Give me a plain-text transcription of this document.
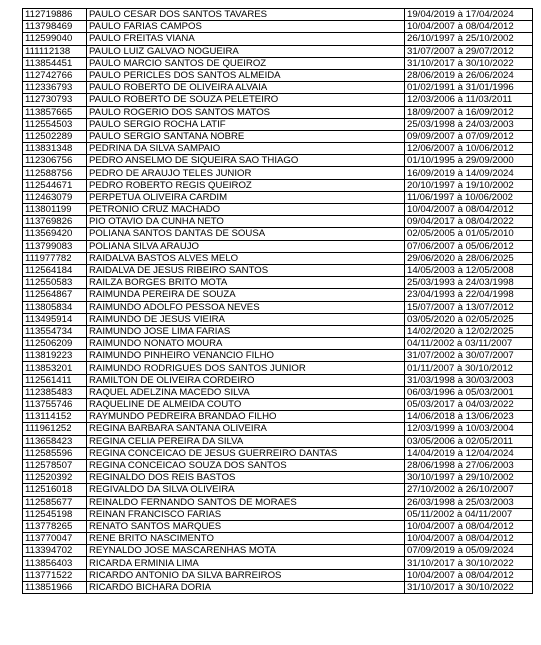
112719886	PAULO CESAR DOS SANTOS TAVARES	19/04/2019 à 17/04/2024
113798469	PAULO FARIAS CAMPOS	10/04/2007 à 08/04/2012
112599040	PAULO FREITAS VIANA	26/10/1997 à 25/10/2002
111112138	PAULO LUIZ GALVAO NOGUEIRA	31/07/2007 à 29/07/2012
113854451	PAULO MARCIO SANTOS DE QUEIROZ	31/10/2017 à 30/10/2022
112742766	PAULO PERICLES DOS SANTOS ALMEIDA	28/06/2019 à 26/06/2024
112336793	PAULO ROBERTO DE OLIVEIRA ALVAIA	01/02/1991 à 31/01/1996
112730793	PAULO ROBERTO DE SOUZA PELETEIRO	12/03/2006 à 11/03/2011
113857665	PAULO ROGERIO DOS SANTOS MATOS	18/09/2007 à 16/09/2012
112554503	PAULO SERGIO ROCHA LATIF	25/03/1998 à 24/03/2003
112502289	PAULO SERGIO SANTANA NOBRE	09/09/2007 à 07/09/2012
113831348	PEDRINA DA SILVA SAMPAIO	12/06/2007 à 10/06/2012
112306756	PEDRO ANSELMO DE SIQUEIRA SAO THIAGO	01/10/1995 à 29/09/2000
112588756	PEDRO DE ARAUJO TELES JUNIOR	16/09/2019 à 14/09/2024
112544671	PEDRO ROBERTO REGIS QUEIROZ	20/10/1997 à 19/10/2002
112463079	PERPETUA OLIVEIRA CARDIM	11/06/1997 à 10/06/2002
113801199	PETRONIO CRUZ MACHADO	10/04/2007 à 08/04/2012
113769826	PIO OTAVIO DA CUNHA NETO	09/04/2017 à 08/04/2022
113569420	POLIANA SANTOS DANTAS DE SOUSA	02/05/2005 à 01/05/2010
113799083	POLIANA SILVA ARAUJO	07/06/2007 à 05/06/2012
111977782	RAIDALVA BASTOS ALVES MELO	29/06/2020 à 28/06/2025
112564184	RAIDALVA DE JESUS RIBEIRO SANTOS	14/05/2003 à 12/05/2008
112550583	RAILZA BORGES BRITO MOTA	25/03/1993 à 24/03/1998
112564867	RAIMUNDA PEREIRA DE SOUZA	23/04/1993 à 22/04/1998
113805834	RAIMUNDO ADOLFO PESSOA NEVES	15/07/2007 à 13/07/2012
113495914	RAIMUNDO DE JESUS VIEIRA	03/05/2020 à 02/05/2025
113554734	RAIMUNDO JOSE LIMA FARIAS	14/02/2020 à 12/02/2025
112506209	RAIMUNDO NONATO MOURA	04/11/2002 à 03/11/2007
113819223	RAIMUNDO PINHEIRO VENANCIO FILHO	31/07/2002 à 30/07/2007
113853201	RAIMUNDO RODRIGUES DOS SANTOS JUNIOR	01/11/2007 à 30/10/2012
112561411	RAMILTON DE OLIVEIRA CORDEIRO	31/03/1998 à 30/03/2003
112385483	RAQUEL ADELZINA MACEDO SILVA	06/03/1996 à 05/03/2001
113755746	RAQUELINE DE ALMEIDA COUTO	05/03/2017 à 04/03/2022
113114152	RAYMUNDO PEDREIRA BRANDAO FILHO	14/06/2018 à 13/06/2023
111961252	REGINA BARBARA SANTANA OLIVEIRA	12/03/1999 à 10/03/2004
113658423	REGINA CELIA PEREIRA DA SILVA	03/05/2006 à 02/05/2011
112585596	REGINA CONCEICAO DE JESUS GUERREIRO DANTAS	14/04/2019 à 12/04/2024
112578507	REGINA CONCEICAO SOUZA DOS SANTOS	28/06/1998 à 27/06/2003
112520392	REGINALDO DOS REIS BASTOS	30/10/1997 à 29/10/2002
112516018	REGIVALDO DA SILVA OLIVEIRA	27/10/2002 à 26/10/2007
112585677	REINALDO FERNANDO SANTOS DE MORAES	26/03/1998 à 25/03/2003
112545198	REINAN FRANCISCO FARIAS	05/11/2002 à 04/11/2007
113778265	RENATO SANTOS MARQUES	10/04/2007 à 08/04/2012
113770047	RENE BRITO NASCIMENTO	10/04/2007 à 08/04/2012
113394702	REYNALDO JOSE MASCARENHAS MOTA	07/09/2019 à 05/09/2024
113856403	RICARDA ERMINIA LIMA	31/10/2017 à 30/10/2022
113771522	RICARDO ANTONIO DA SILVA BARREIROS	10/04/2007 à 08/04/2012
113851966	RICARDO BICHARA DORIA	31/10/2017 à 30/10/2022
